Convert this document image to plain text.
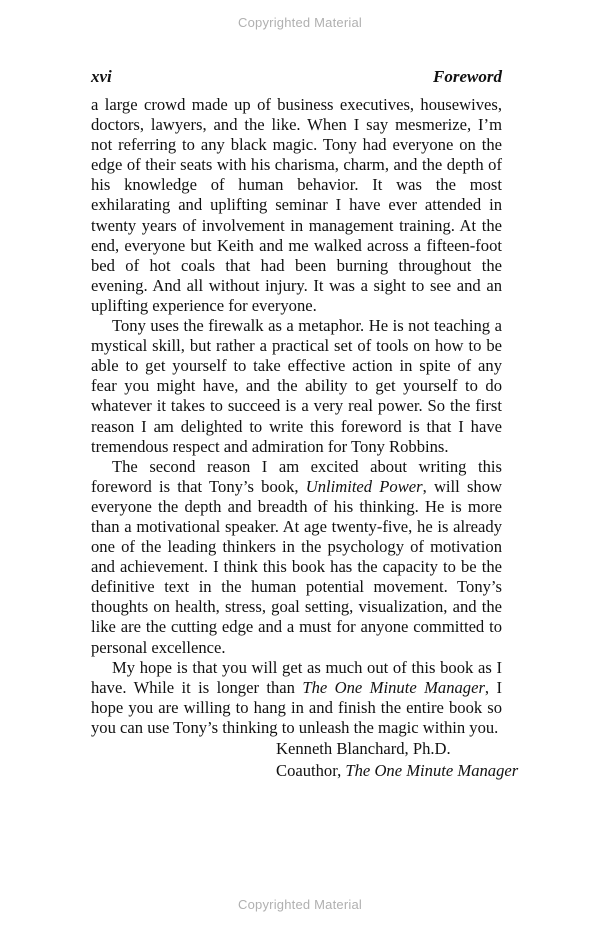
Copyrighted Material
xvi	Foreword

a large crowd made up of business executives, housewives, doctors, lawyers, and the like. When I say mesmerize, I’m not referring to any black magic. Tony had everyone on the edge of their seats with his charisma, charm, and the depth of his knowledge of human behavior. It was the most exhilarating and uplifting seminar I have ever attended in twenty years of involvement in management training. At the end, everyone but Keith and me walked across a fifteen-foot bed of hot coals that had been burning throughout the evening. And all without injury. It was a sight to see and an uplifting experience for everyone.

Tony uses the firewalk as a metaphor. He is not teaching a mystical skill, but rather a practical set of tools on how to be able to get yourself to take effective action in spite of any fear you might have, and the ability to get yourself to do whatever it takes to succeed is a very real power. So the first reason I am delighted to write this foreword is that I have tremendous respect and admiration for Tony Robbins.

The second reason I am excited about writing this foreword is that Tony’s book, Unlimited Power, will show everyone the depth and breadth of his thinking. He is more than a motivational speaker. At age twenty-five, he is already one of the leading thinkers in the psychology of motivation and achievement. I think this book has the capacity to be the definitive text in the human potential movement. Tony’s thoughts on health, stress, goal setting, visualization, and the like are the cutting edge and a must for anyone committed to personal excellence.

My hope is that you will get as much out of this book as I have. While it is longer than The One Minute Manager, I hope you are willing to hang in and finish the entire book so you can use Tony’s thinking to unleash the magic within you.

Kenneth Blanchard, Ph.D.
Coauthor, The One Minute Manager
Copyrighted Material
